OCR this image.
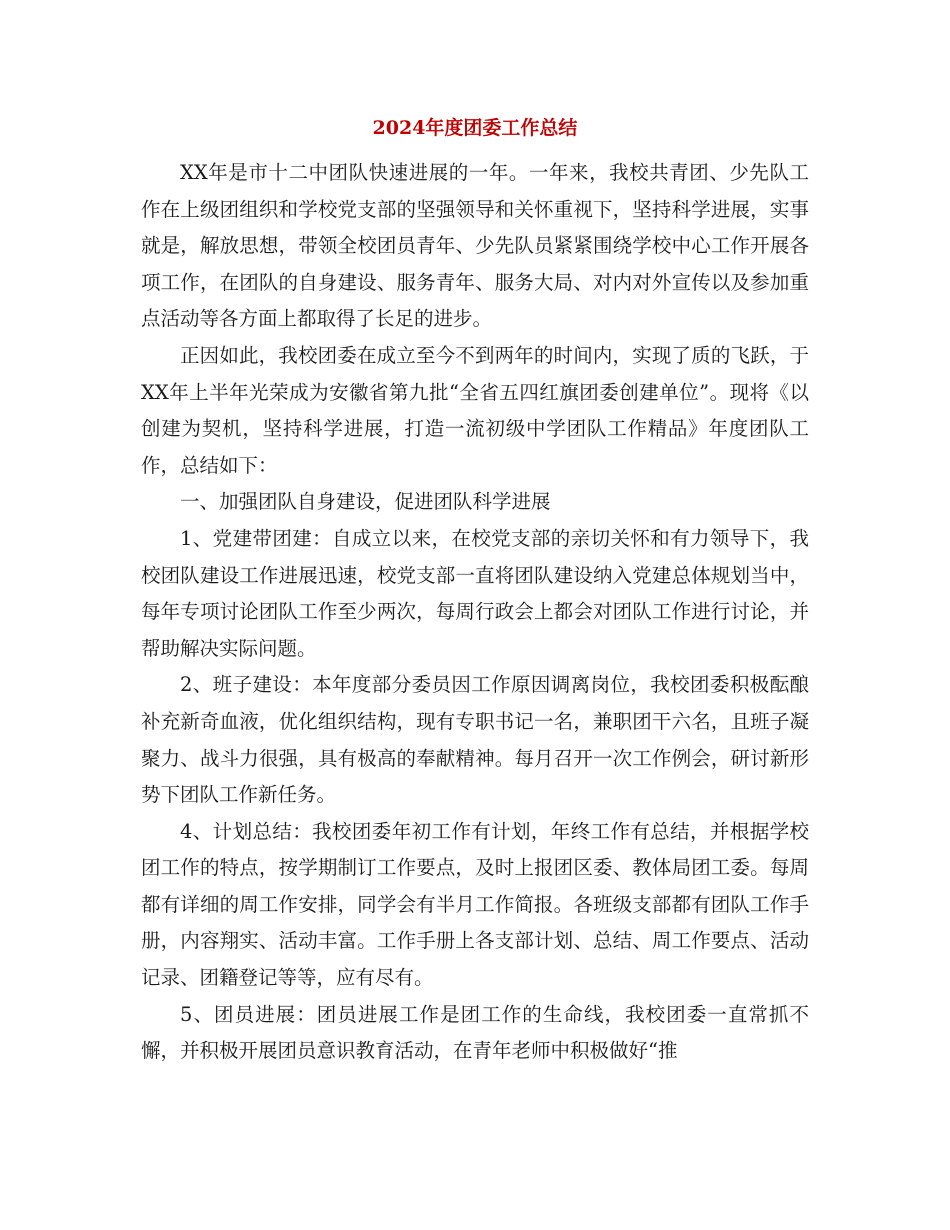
2024年度团委工作总结

XX年是市十二中团队快速进展的一年。一年来，我校共青团、少先队工作在上级团组织和学校党支部的坚强领导和关怀重视下，坚持科学进展，实事就是，解放思想，带领全校团员青年、少先队员紧紧围绕学校中心工作开展各项工作，在团队的自身建设、服务青年、服务大局、对内对外宣传以及参加重点活动等各方面上都取得了长足的进步。

正因如此，我校团委在成立至今不到两年的时间内，实现了质的飞跃，于XX年上半年光荣成为安徽省第九批“全省五四红旗团委创建单位”。现将《以创建为契机，坚持科学进展，打造一流初级中学团队工作精品》年度团队工作，总结如下：

一、加强团队自身建设，促进团队科学进展

1、党建带团建：自成立以来，在校党支部的亲切关怀和有力领导下，我校团队建设工作进展迅速，校党支部一直将团队建设纳入党建总体规划当中，每年专项讨论团队工作至少两次，每周行政会上都会对团队工作进行讨论，并帮助解决实际问题。

2、班子建设：本年度部分委员因工作原因调离岗位，我校团委积极酝酿补充新奇血液，优化组织结构，现有专职书记一名，兼职团干六名，且班子凝聚力、战斗力很强，具有极高的奉献精神。每月召开一次工作例会，研讨新形势下团队工作新任务。

4、计划总结：我校团委年初工作有计划，年终工作有总结，并根据学校团工作的特点，按学期制订工作要点，及时上报团区委、教体局团工委。每周都有详细的周工作安排，同学会有半月工作简报。各班级支部都有团队工作手册，内容翔实、活动丰富。工作手册上各支部计划、总结、周工作要点、活动记录、团籍登记等等，应有尽有。

5、团员进展：团员进展工作是团工作的生命线，我校团委一直常抓不懈，并积极开展团员意识教育活动，在青年老师中积极做好“推
